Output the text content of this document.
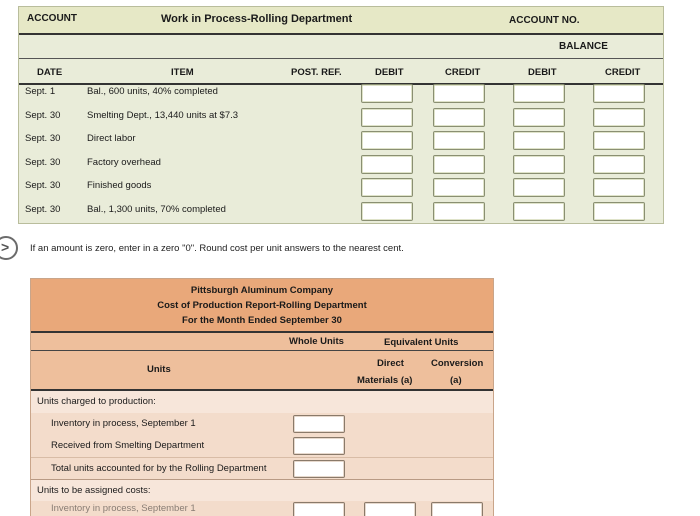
ACCOUNT	Work in Process-Rolling Department	ACCOUNT NO.
BALANCE
DATE	ITEM	POST. REF.	DEBIT	CREDIT	DEBIT	CREDIT
Sept. 1	Bal., 600 units, 40% completed
Sept. 30	Smelting Dept., 13,440 units at $7.3
Sept. 30	Direct labor
Sept. 30	Factory overhead
Sept. 30	Finished goods
Sept. 30	Bal., 1,300 units, 70% completed
> If an amount is zero, enter in a zero "0". Round cost per unit answers to the nearest cent.
Pittsburgh Aluminum Company
Cost of Production Report-Rolling Department
For the Month Ended September 30
Whole Units	Equivalent Units
Units
Direct
Materials (a)
Conversion
(a)
Units charged to production:
Inventory in process, September 1
Received from Smelting Department
Total units accounted for by the Rolling Department
Units to be assigned costs:
Inventory in process, September 1
